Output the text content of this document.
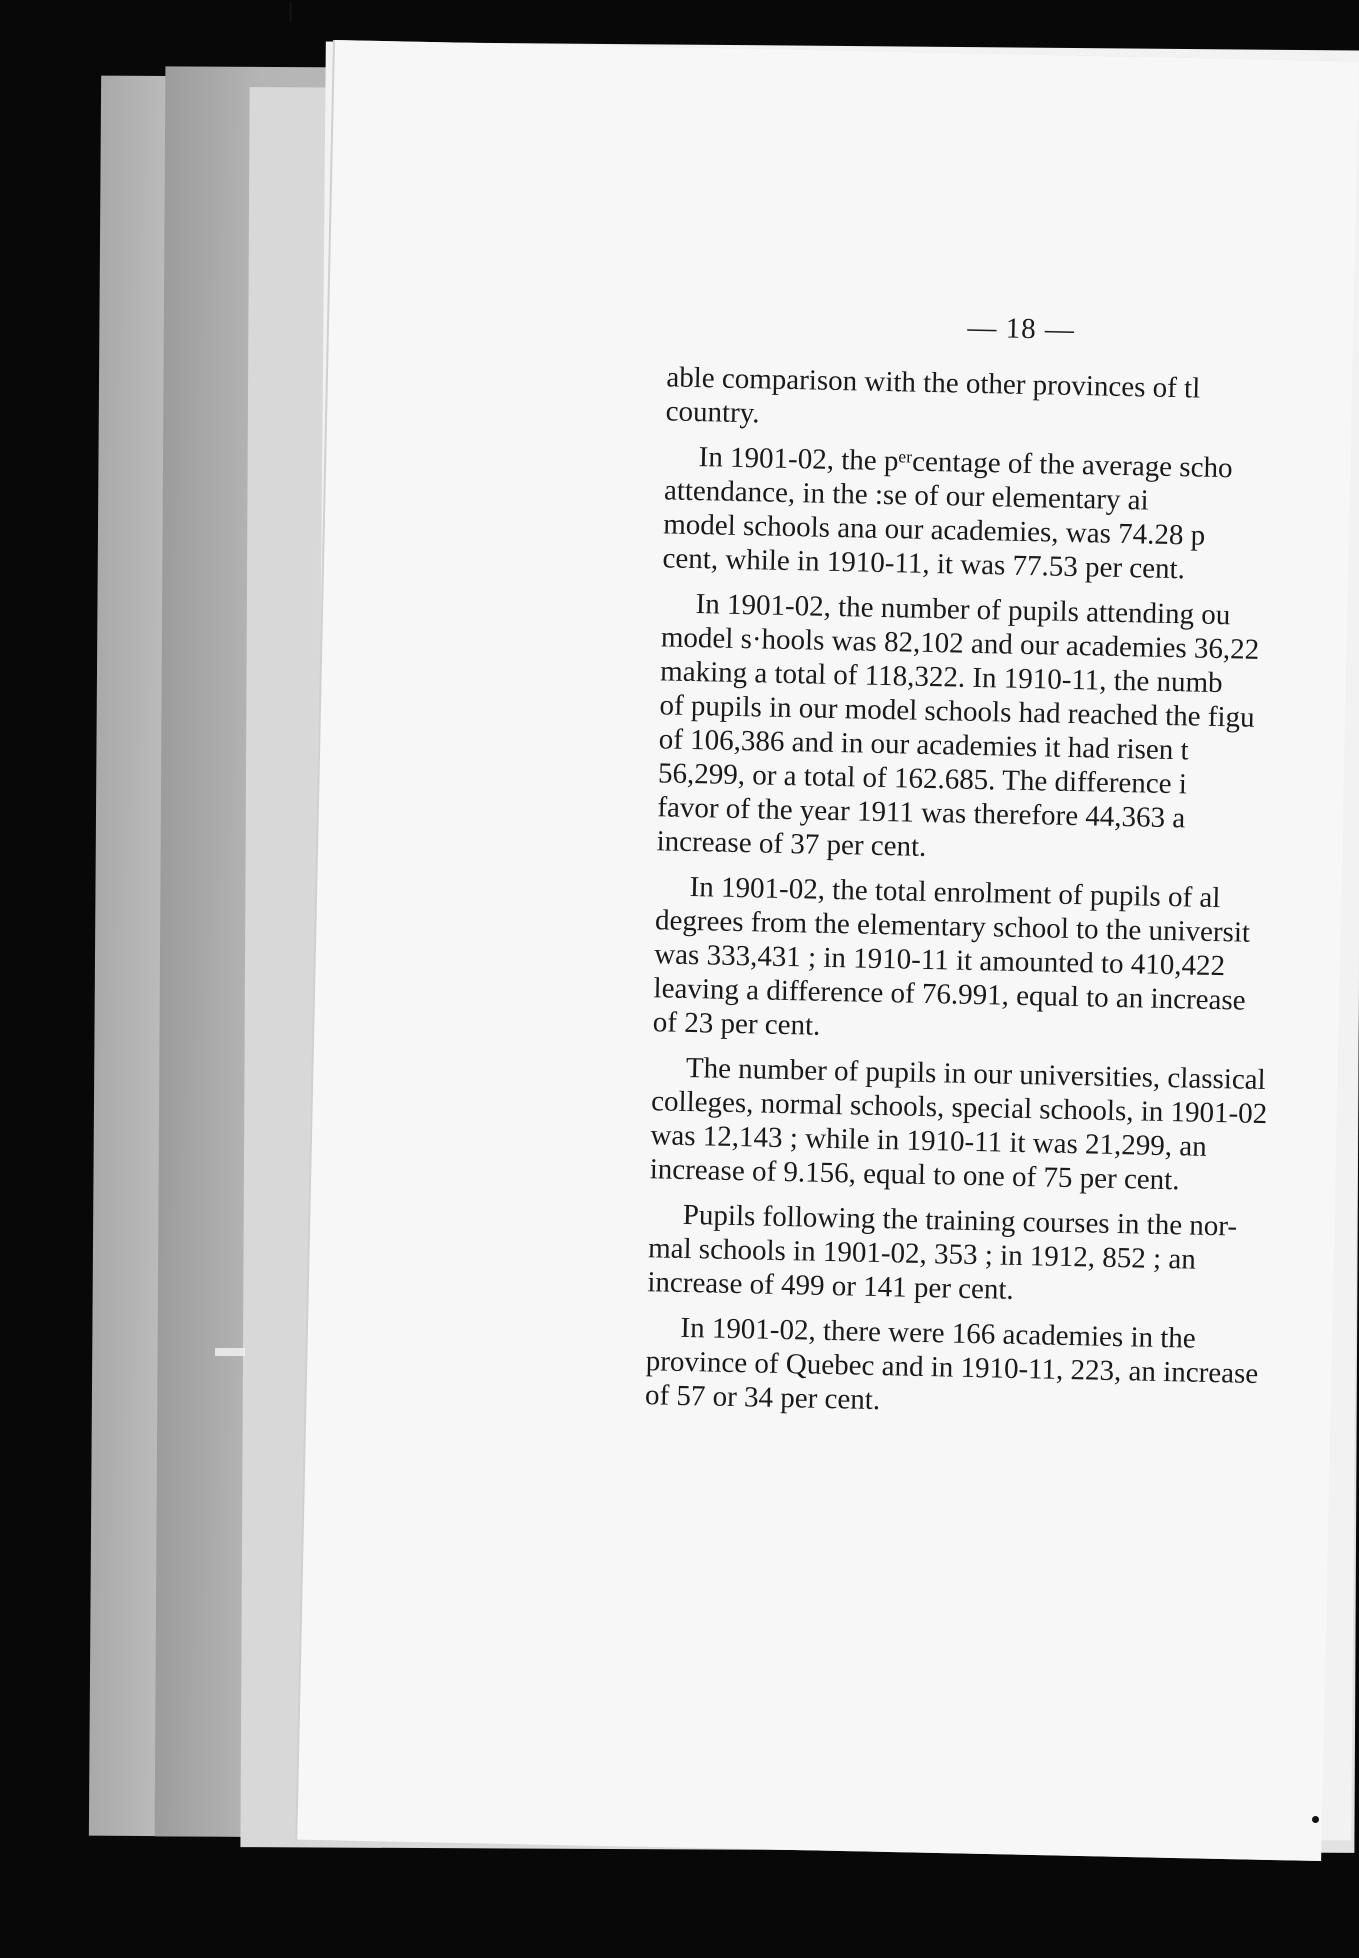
— 18 —
able comparison with the other provinces of tl
country.
In 1901-02, the pᵉʳcentage of the average scho
attendance, in the :se of our elementary ai
model schools ana our academies, was 74.28 p
cent, while in 1910-11, it was 77.53 per cent.
In 1901-02, the number of pupils attending ou
model s·hools was 82,102 and our academies 36,22
making a total of 118,322. In 1910-11, the numb
of pupils in our model schools had reached the figu
of 106,386 and in our academies it had risen t
56,299, or a total of 162.685. The difference i
favor of the year 1911 was therefore 44,363 a
increase of 37 per cent.
In 1901-02, the total enrolment of pupils of al
degrees from the elementary school to the universit
was 333,431 ; in 1910-11 it amounted to 410,422
leaving a difference of 76.991, equal to an increase
of 23 per cent.
The number of pupils in our universities, classical
colleges, normal schools, special schools, in 1901-02
was 12,143 ; while in 1910-11 it was 21,299, an
increase of 9.156, equal to one of 75 per cent.
Pupils following the training courses in the nor-
mal schools in 1901-02, 353 ; in 1912, 852 ; an
increase of 499 or 141 per cent.
In 1901-02, there were 166 academies in the
province of Quebec and in 1910-11, 223, an increase
of 57 or 34 per cent.
